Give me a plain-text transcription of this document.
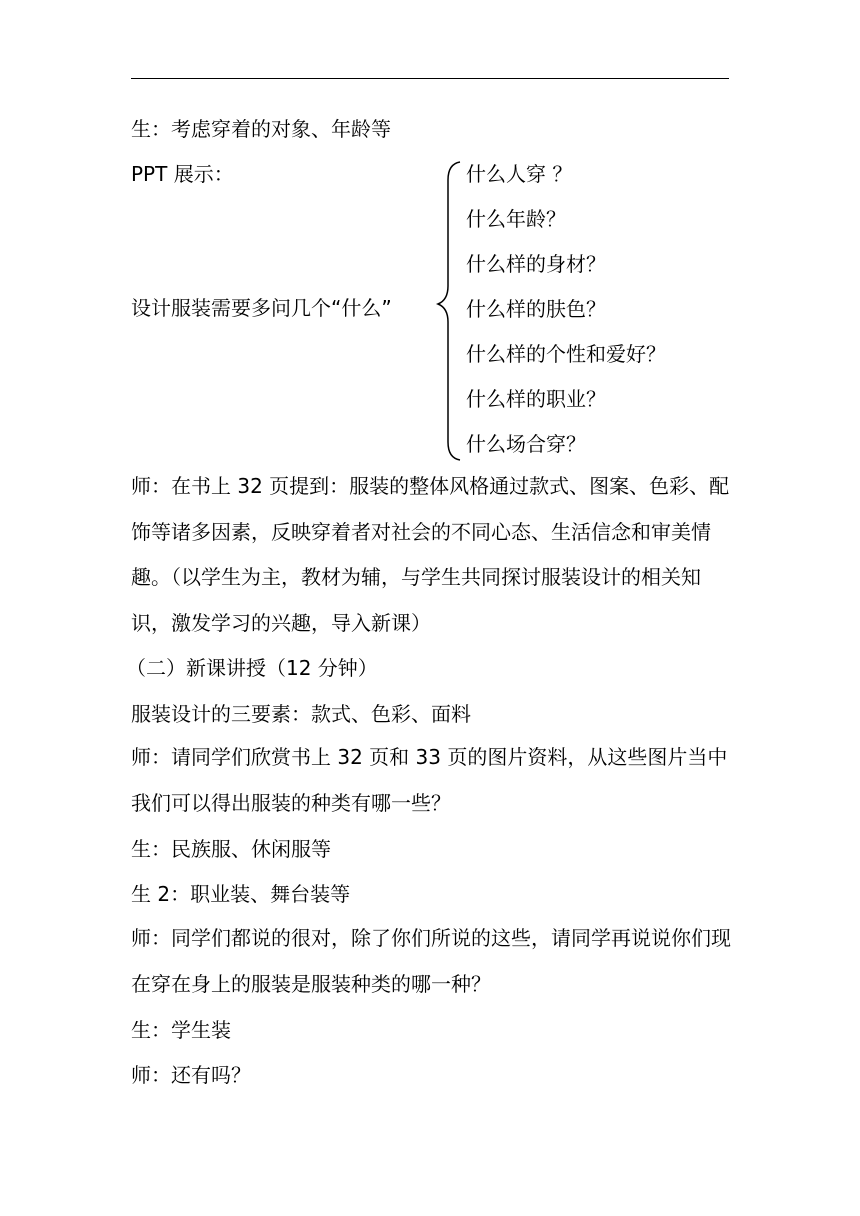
生：考虑穿着的对象、年龄等
PPT 展示：
设计服装需要多问几个“什么”
什么人穿 ？
什么年龄？
什么样的身材？
什么样的肤色？
什么样的个性和爱好？
什么样的职业？
什么场合穿？
师：在书上 32 页提到：服装的整体风格通过款式、图案、色彩、配饰等诸多因素，反映穿着者对社会的不同心态、生活信念和审美情趣。（以学生为主，教材为辅，与学生共同探讨服装设计的相关知识，激发学习的兴趣，导入新课）
（二）新课讲授（12 分钟）
服装设计的三要素：款式、色彩、面料
师：请同学们欣赏书上 32 页和 33 页的图片资料，从这些图片当中我们可以得出服装的种类有哪一些？
生：民族服、休闲服等
生 2：职业装、舞台装等
师：同学们都说的很对，除了你们所说的这些，请同学再说说你们现在穿在身上的服装是服装种类的哪一种？
生：学生装
师：还有吗？
